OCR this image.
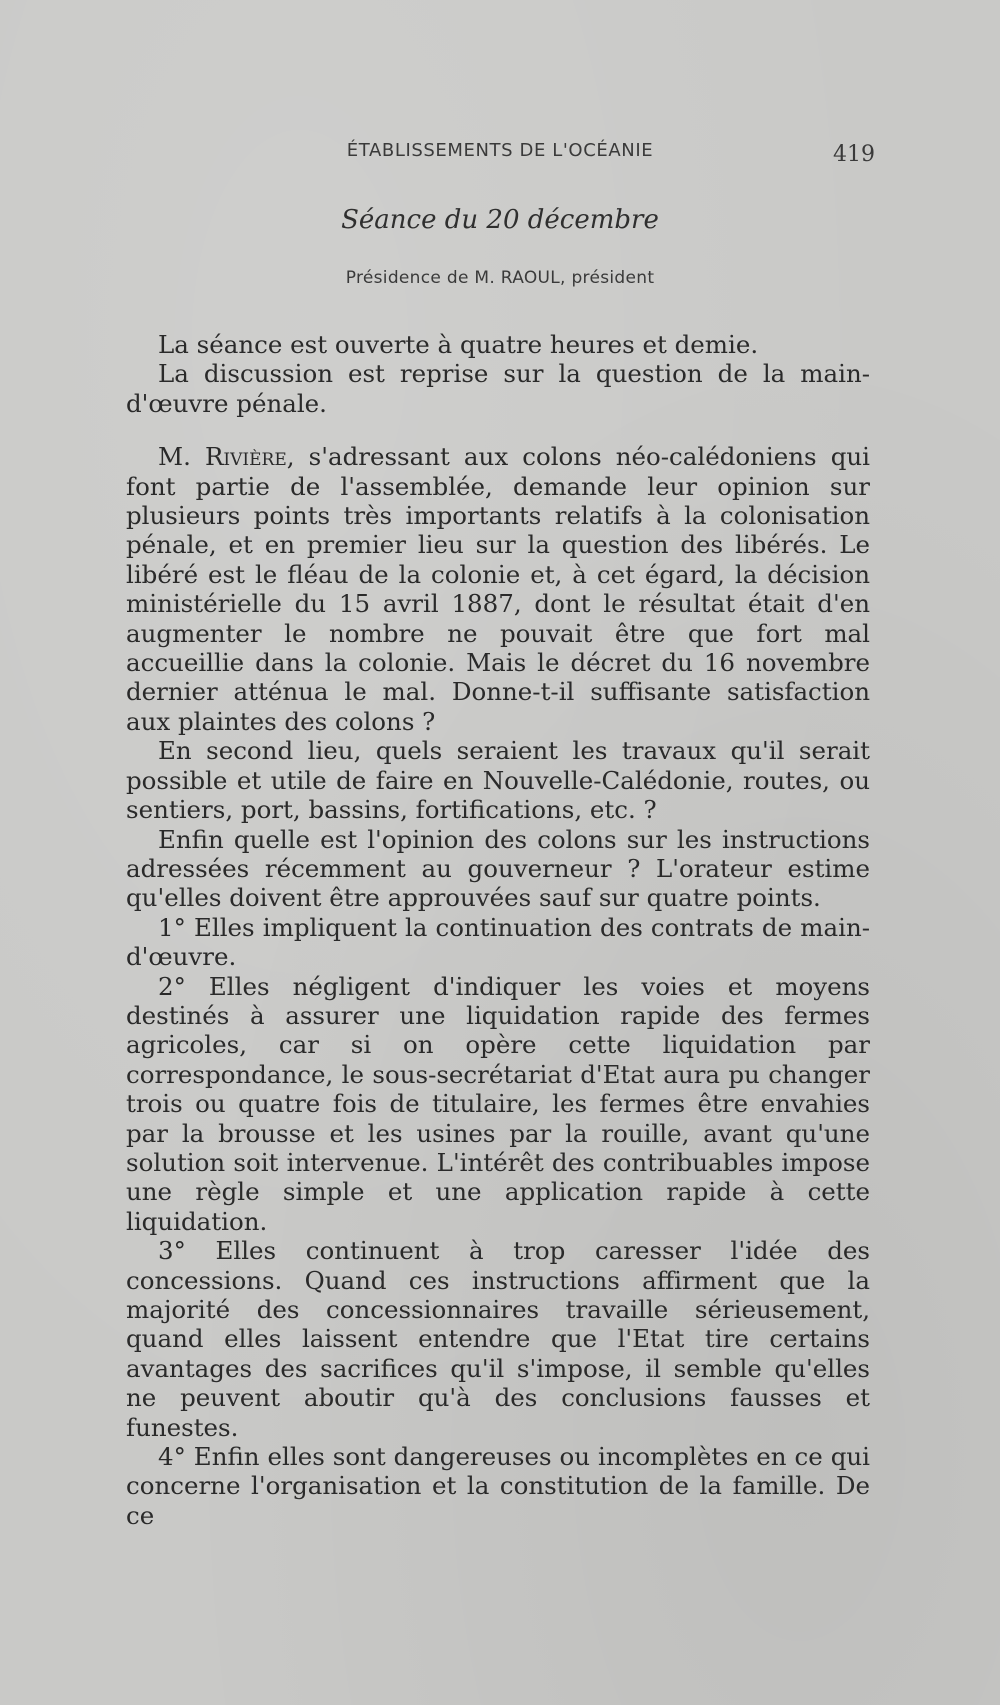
ÉTABLISSEMENTS DE L'OCÉANIE	419
Séance du 20 décembre
Présidence de M. RAOUL, président

La séance est ouverte à quatre heures et demie.

La discussion est reprise sur la question de la main-d'œuvre pénale.

M. Rivière, s'adressant aux colons néo-calédoniens qui font partie de l'assemblée, demande leur opinion sur plusieurs points très importants relatifs à la colonisation pénale, et en premier lieu sur la question des libérés. Le libéré est le fléau de la colonie et, à cet égard, la décision ministérielle du 15 avril 1887, dont le résultat était d'en augmenter le nombre ne pouvait être que fort mal accueillie dans la colonie. Mais le décret du 16 novembre dernier atténua le mal. Donne-t-il suffisante satisfaction aux plaintes des colons ?

En second lieu, quels seraient les travaux qu'il serait possible et utile de faire en Nouvelle-Calédonie, routes, ou sentiers, port, bassins, fortifications, etc. ?

Enfin quelle est l'opinion des colons sur les instructions adressées récemment au gouverneur ? L'orateur estime qu'elles doivent être approuvées sauf sur quatre points.

1° Elles impliquent la continuation des contrats de main-d'œuvre.

2° Elles négligent d'indiquer les voies et moyens destinés à assurer une liquidation rapide des fermes agricoles, car si on opère cette liquidation par correspondance, le sous-secrétariat d'Etat aura pu changer trois ou quatre fois de titulaire, les fermes être envahies par la brousse et les usines par la rouille, avant qu'une solution soit intervenue. L'intérêt des contribuables impose une règle simple et une application rapide à cette liquidation.

3° Elles continuent à trop caresser l'idée des concessions. Quand ces instructions affirment que la majorité des concessionnaires travaille sérieusement, quand elles laissent entendre que l'Etat tire certains avantages des sacrifices qu'il s'impose, il semble qu'elles ne peuvent aboutir qu'à des conclusions fausses et funestes.

4° Enfin elles sont dangereuses ou incomplètes en ce qui concerne l'organisation et la constitution de la famille. De ce
